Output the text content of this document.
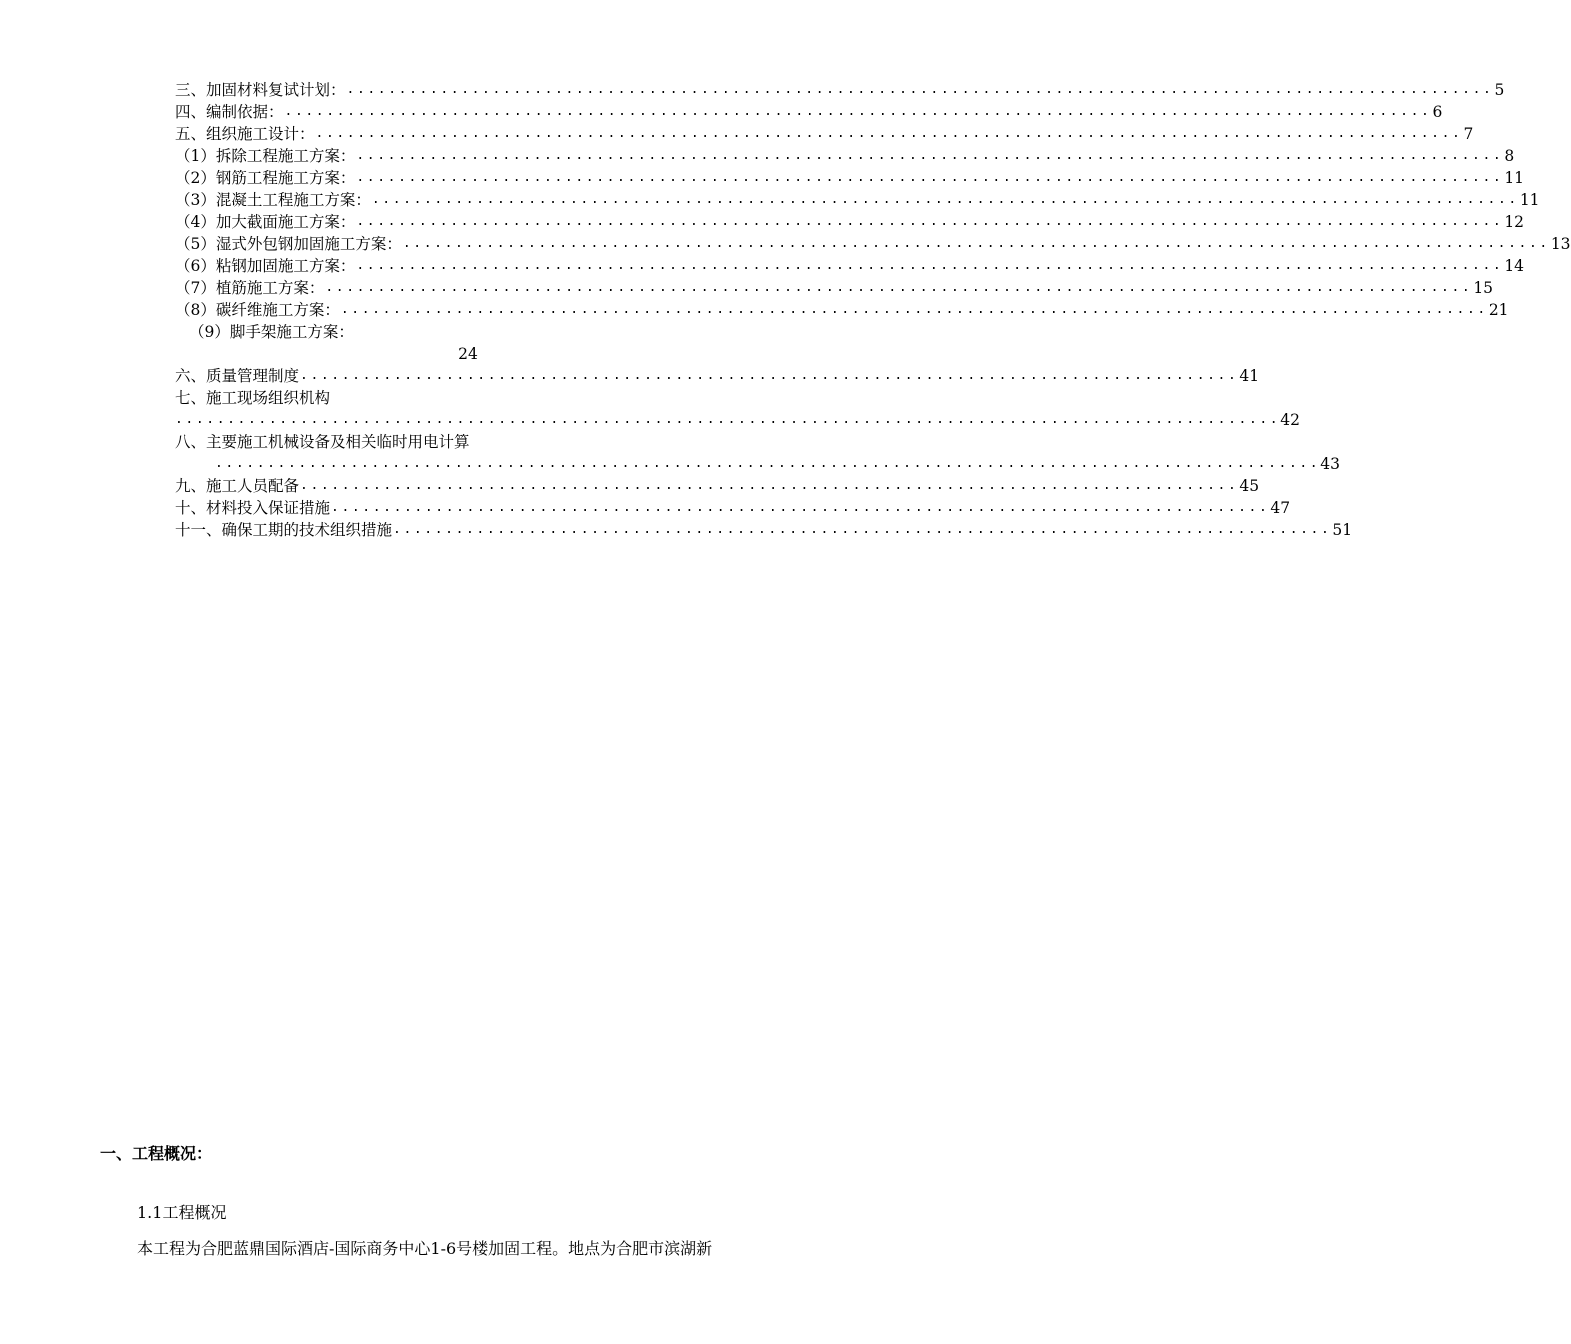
三、加固材料复试计划： .............................................................................................................. 5
四、编制依据： .............................................................................................................. 6
五、组织施工设计： .............................................................................................................. 7
（1）拆除工程施工方案： .............................................................................................................. 8
（2）钢筋工程施工方案： .............................................................................................................. 11
（3）混凝土工程施工方案： .............................................................................................................. 11
（4）加大截面施工方案： .............................................................................................................. 12
（5）湿式外包钢加固施工方案： .............................................................................................................. 13
（6）粘钢加固施工方案： .............................................................................................................. 14
（7）植筋施工方案： .............................................................................................................. 15
（8）碳纤维施工方案： .............................................................................................................. 21
（9）脚手架施工方案：
24
六、质量管理制度 .......................................................................................... 41
七、施工现场组织机构
.......................................................................................................... 42
八、主要施工机械设备及相关临时用电计算
.......................................................................................................... 43
九、施工人员配备 .......................................................................................... 45
十、材料投入保证措施 .......................................................................................... 47
十一、确保工期的技术组织措施 .......................................................................................... 51
一、工程概况：
1.1工程概况
本工程为合肥蓝鼎国际酒店-国际商务中心1-6号楼加固工程。地点为合肥市滨湖新
